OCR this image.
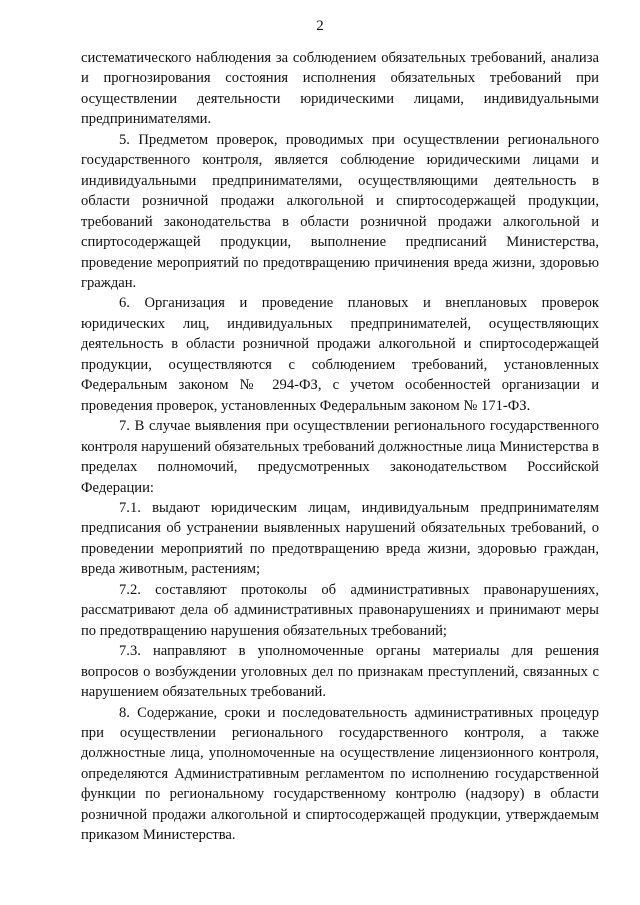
2

систематического наблюдения за соблюдением обязательных требований, анализа и прогнозирования состояния исполнения обязательных требований при осуществлении деятельности юридическими лицами, индивидуальными предпринимателями.

5. Предметом проверок, проводимых при осуществлении регионального государственного контроля, является соблюдение юридическими лицами и индивидуальными предпринимателями, осуществляющими деятельность в области розничной продажи алкогольной и спиртосодержащей продукции, требований законодательства в области розничной продажи алкогольной и спиртосодержащей продукции, выполнение предписаний Министерства, проведение мероприятий по предотвращению причинения вреда жизни, здоровью граждан.

6. Организация и проведение плановых и внеплановых проверок юридических лиц, индивидуальных предпринимателей, осуществляющих деятельность в области розничной продажи алкогольной и спиртосодержащей продукции, осуществляются с соблюдением требований, установленных Федеральным законом № 294-ФЗ, с учетом особенностей организации и проведения проверок, установленных Федеральным законом № 171-ФЗ.

7. В случае выявления при осуществлении регионального государственного контроля нарушений обязательных требований должностные лица Министерства в пределах полномочий, предусмотренных законодательством Российской Федерации:

7.1. выдают юридическим лицам, индивидуальным предпринимателям предписания об устранении выявленных нарушений обязательных требований, о проведении мероприятий по предотвращению вреда жизни, здоровью граждан, вреда животным, растениям;

7.2. составляют протоколы об административных правонарушениях, рассматривают дела об административных правонарушениях и принимают меры по предотвращению нарушения обязательных требований;

7.3. направляют в уполномоченные органы материалы для решения вопросов о возбуждении уголовных дел по признакам преступлений, связанных с нарушением обязательных требований.

8. Содержание, сроки и последовательность административных процедур при осуществлении регионального государственного контроля, а также должностные лица, уполномоченные на осуществление лицензионного контроля, определяются Административным регламентом по исполнению государственной функции по региональному государственному контролю (надзору) в области розничной продажи алкогольной и спиртосодержащей продукции, утверждаемым приказом Министерства.
